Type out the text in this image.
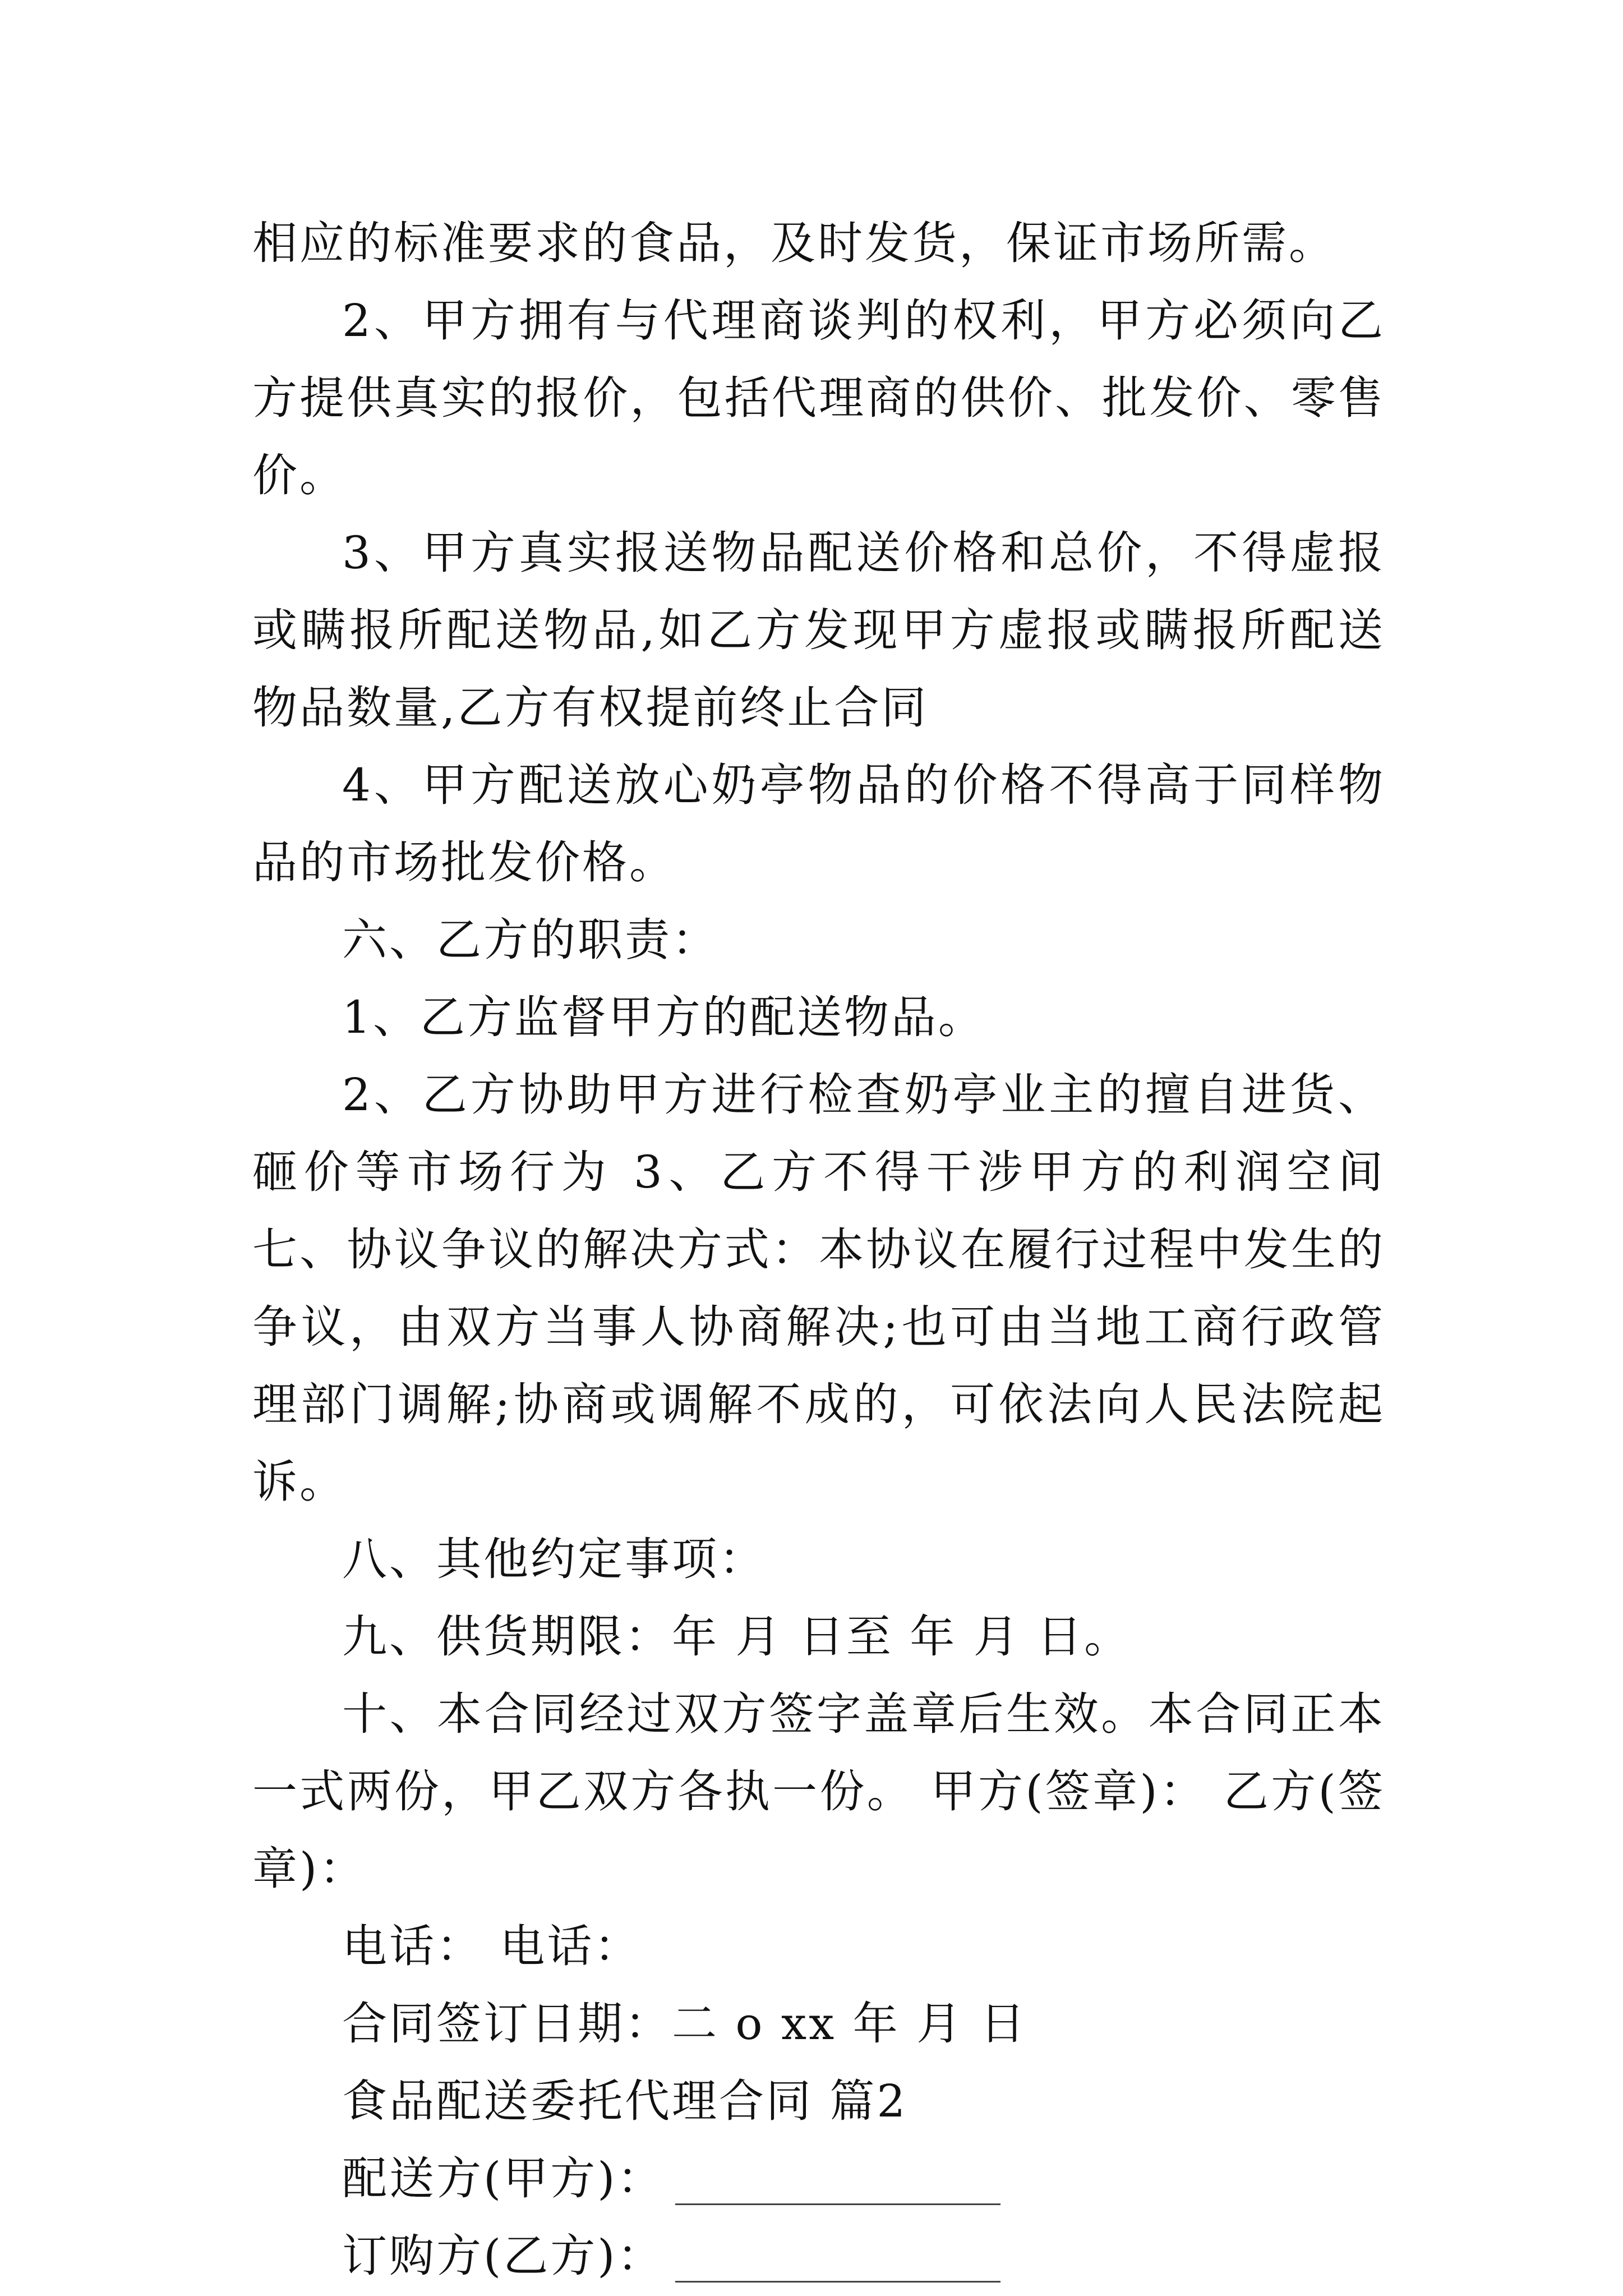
相应的标准要求的食品，及时发货，保证市场所需。

2、甲方拥有与代理商谈判的权利，甲方必须向乙方提供真实的报价，包括代理商的供价、批发价、零售价。

3、甲方真实报送物品配送价格和总价，不得虚报或瞒报所配送物品,如乙方发现甲方虚报或瞒报所配送物品数量,乙方有权提前终止合同

4、甲方配送放心奶亭物品的价格不得高于同样物品的市场批发价格。

六、乙方的职责：

1、乙方监督甲方的配送物品。

2、乙方协助甲方进行检查奶亭业主的擅自进货、砸价等市场行为 3、乙方不得干涉甲方的利润空间 七、协议争议的解决方式：本协议在履行过程中发生的争议，由双方当事人协商解决;也可由当地工商行政管理部门调解;协商或调解不成的，可依法向人民法院起诉。

八、其他约定事项：

九、供货期限：年 月 日至 年 月 日。

十、本合同经过双方签字盖章后生效。本合同正本一式两份，甲乙双方各执一份。 甲方(签章)： 乙方(签章)：

电话： 电话：

合同签订日期：二 o xx 年 月 日

食品配送委托代理合同 篇2

配送方(甲方)：

订购方(乙方)：
